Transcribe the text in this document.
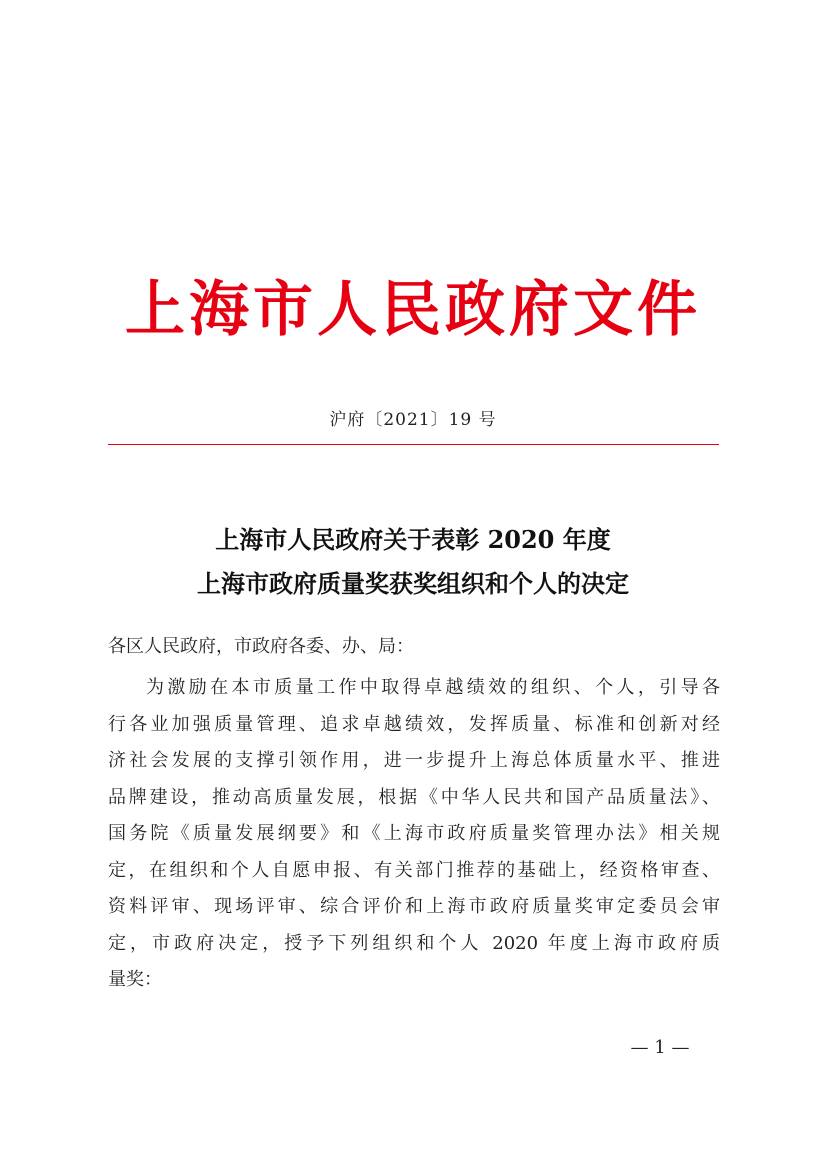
上海市人民政府文件
沪府〔2021〕19 号
上海市人民政府关于表彰 2020 年度
上海市政府质量奖获奖组织和个人的决定
各区人民政府，市政府各委、办、局：
为激励在本市质量工作中取得卓越绩效的组织、个人，引导各
行各业加强质量管理、追求卓越绩效，发挥质量、标准和创新对经
济社会发展的支撑引领作用，进一步提升上海总体质量水平、推进
品牌建设，推动高质量发展，根据《中华人民共和国产品质量法》、
国务院《质量发展纲要》和《上海市政府质量奖管理办法》相关规
定，在组织和个人自愿申报、有关部门推荐的基础上，经资格审查、
资料评审、现场评审、综合评价和上海市政府质量奖审定委员会审
定，市政府决定，授予下列组织和个人 2020 年度上海市政府质
量奖：
— 1 —
